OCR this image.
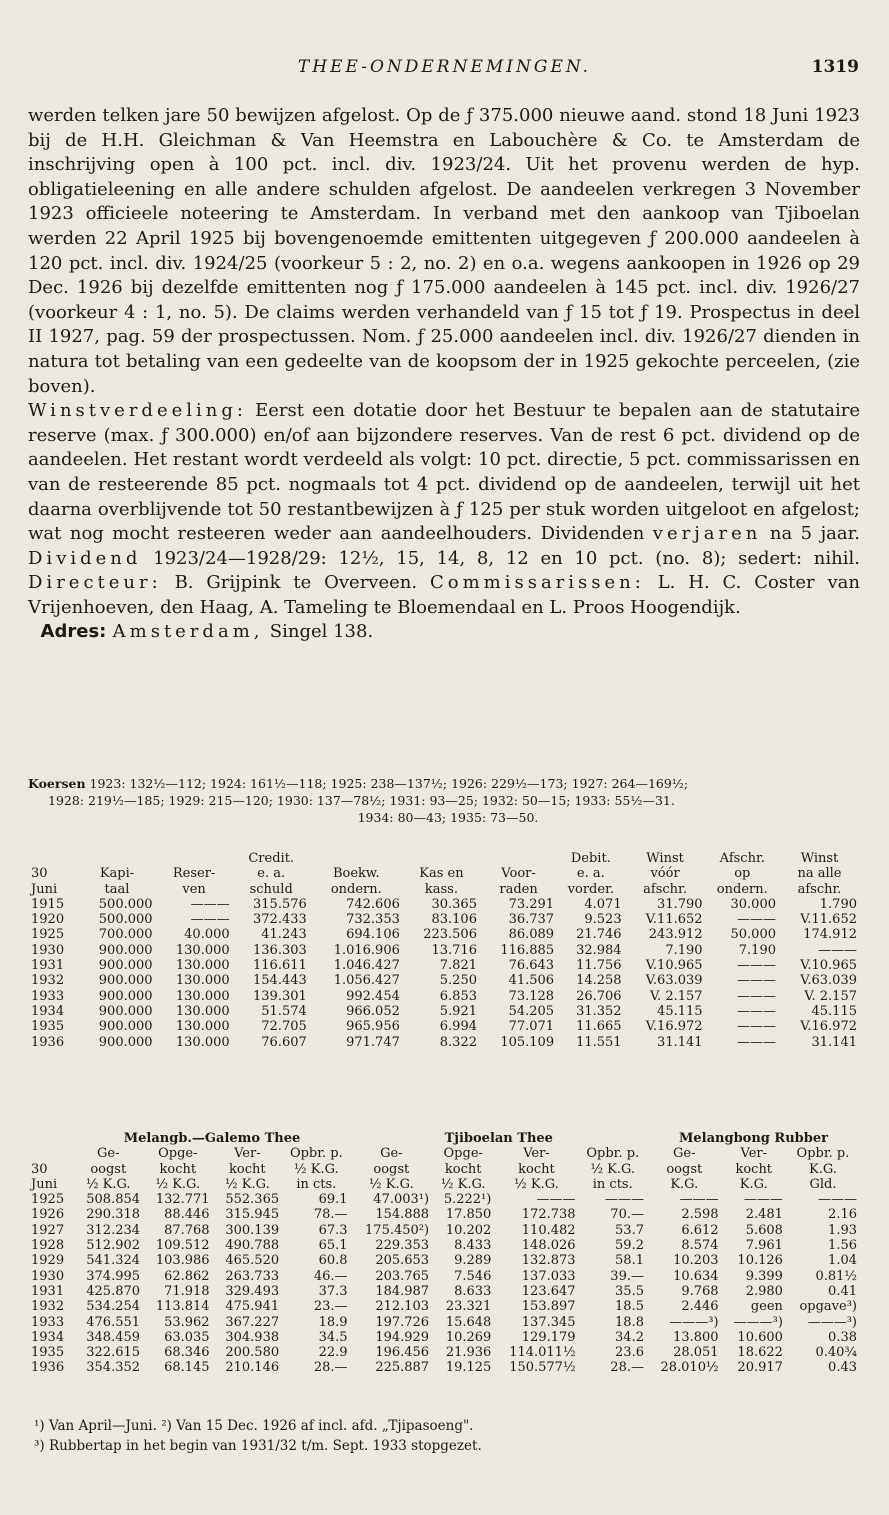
THEE-ONDERNEMINGEN.	1319

werden telken jare 50 bewijzen afgelost. Op de ƒ 375.000 nieuwe aand. stond 18 Juni 1923 bij de H.H. Gleichman & Van Heemstra en Labouchère & Co. te Amsterdam de inschrijving open à 100 pct. incl. div. 1923/24. Uit het provenu werden de hyp. obligatieleening en alle andere schulden afgelost. De aandeelen verkregen 3 November 1923 officieele noteering te Amsterdam. In verband met den aankoop van Tjiboelan werden 22 April 1925 bij bovengenoemde emittenten uitgegeven ƒ 200.000 aandeelen à 120 pct. incl. div. 1924/25 (voorkeur 5 : 2, no. 2) en o.a. wegens aankoopen in 1926 op 29 Dec. 1926 bij dezelfde emittenten nog ƒ 175.000 aandeelen à 145 pct. incl. div. 1926/27 (voorkeur 4 : 1, no. 5). De claims werden verhandeld van ƒ 15 tot ƒ 19. Prospectus in deel II 1927, pag. 59 der prospectussen. Nom. ƒ 25.000 aandeelen incl. div. 1926/27 dienden in natura tot betaling van een gedeelte van de koopsom der in 1925 gekochte perceelen, (zie boven).

Winstverdeeling: Eerst een dotatie door het Bestuur te bepalen aan de statutaire reserve (max. ƒ 300.000) en/of aan bijzondere reserves. Van de rest 6 pct. dividend op de aandeelen. Het restant wordt verdeeld als volgt: 10 pct. directie, 5 pct. commissarissen en van de resteerende 85 pct. nogmaals tot 4 pct. dividend op de aandeelen, terwijl uit het daarna overblijvende tot 50 restantbewijzen à ƒ 125 per stuk worden uitgeloot en afgelost; wat nog mocht resteeren weder aan aandeelhouders. Dividenden verjaren na 5 jaar. Dividend 1923/24—1928/29: 12½, 15, 14, 8, 12 en 10 pct. (no. 8); sedert: nihil. Directeur: B. Grijpink te Overveen. Commissarissen: L. H. C. Coster van Vrijenhoeven, den Haag, A. Tameling te Bloemendaal en L. Proos Hoogendijk.

Adres: Amsterdam, Singel 138.

Koersen 1923: 132½—112; 1924: 161½—118; 1925: 238—137½; 1926: 229½—173; 1927: 264—169½;
1928: 219½—185; 1929: 215—120; 1930: 137—78½; 1931: 93—25; 1932: 50—15; 1933: 55½—31.
1934: 80—43; 1935: 73—50.
			Credit.				Debit.	Winst	Afschr.	Winst
30	Kapi-	Reser-	e. a.	Boekw.	Kas en	Voor-	e. a.	vóór	op	na alle
Juni	taal	ven	schuld	ondern.	kass.	raden	vorder.	afschr.	ondern.	afschr.
1915	500.000	———	315.576	742.606	30.365	73.291	4.071	31.790	30.000	1.790
1920	500.000	———	372.433	732.353	83.106	36.737	9.523	V.11.652	———	V.11.652
1925	700.000	40.000	41.243	694.106	223.506	86.089	21.746	243.912	50.000	174.912
1930	900.000	130.000	136.303	1.016.906	13.716	116.885	32.984	7.190	7.190	———
1931	900.000	130.000	116.611	1.046.427	7.821	76.643	11.756	V.10.965	———	V.10.965
1932	900.000	130.000	154.443	1.056.427	5.250	41.506	14.258	V.63.039	———	V.63.039
1933	900.000	130.000	139.301	992.454	6.853	73.128	26.706	V. 2.157	———	V. 2.157
1934	900.000	130.000	51.574	966.052	5.921	54.205	31.352	45.115	———	45.115
1935	900.000	130.000	72.705	965.956	6.994	77.071	11.665	V.16.972	———	V.16.972
1936	900.000	130.000	76.607	971.747	8.322	105.109	11.551	31.141	———	31.141
	Melangb.—Galemo Thee				Tjiboelan Thee				Melangbong Rubber		
	Ge-	Opge-	Ver-	Opbr. p.	Ge-	Opge-	Ver-	Opbr. p.	Ge-	Ver-	Opbr. p.
30	oogst	kocht	kocht	½ K.G.	oogst	kocht	kocht	½ K.G.	oogst	kocht	K.G.
Juni	½ K.G.	½ K.G.	½ K.G.	in cts.	½ K.G.	½ K.G.	½ K.G.	in cts.	K.G.	K.G.	Gld.
1925	508.854	132.771	552.365	69.1	47.003¹)	5.222¹)	———	———	———	———	———
1926	290.318	88.446	315.945	78.—	154.888	17.850	172.738	70.—	2.598	2.481	2.16
1927	312.234	87.768	300.139	67.3	175.450²)	10.202	110.482	53.7	6.612	5.608	1.93
1928	512.902	109.512	490.788	65.1	229.353	8.433	148.026	59.2	8.574	7.961	1.56
1929	541.324	103.986	465.520	60.8	205.653	9.289	132.873	58.1	10.203	10.126	1.04
1930	374.995	62.862	263.733	46.—	203.765	7.546	137.033	39.—	10.634	9.399	0.81½
1931	425.870	71.918	329.493	37.3	184.987	8.633	123.647	35.5	9.768	2.980	0.41
1932	534.254	113.814	475.941	23.—	212.103	23.321	153.897	18.5	2.446	geen	opgave³)
1933	476.551	53.962	367.227	18.9	197.726	15.648	137.345	18.8	———³)	———³)	———³)
1934	348.459	63.035	304.938	34.5	194.929	10.269	129.179	34.2	13.800	10.600	0.38
1935	322.615	68.346	200.580	22.9	196.456	21.936	114.011½	23.6	28.051	18.622	0.40¾
1936	354.352	68.145	210.146	28.—	225.887	19.125	150.577½	28.—	28.010½	20.917	0.43
¹) Van April—Juni. ²) Van 15 Dec. 1926 af incl. afd. „Tjipasoeng".
³) Rubbertap in het begin van 1931/32 t/m. Sept. 1933 stopgezet.
